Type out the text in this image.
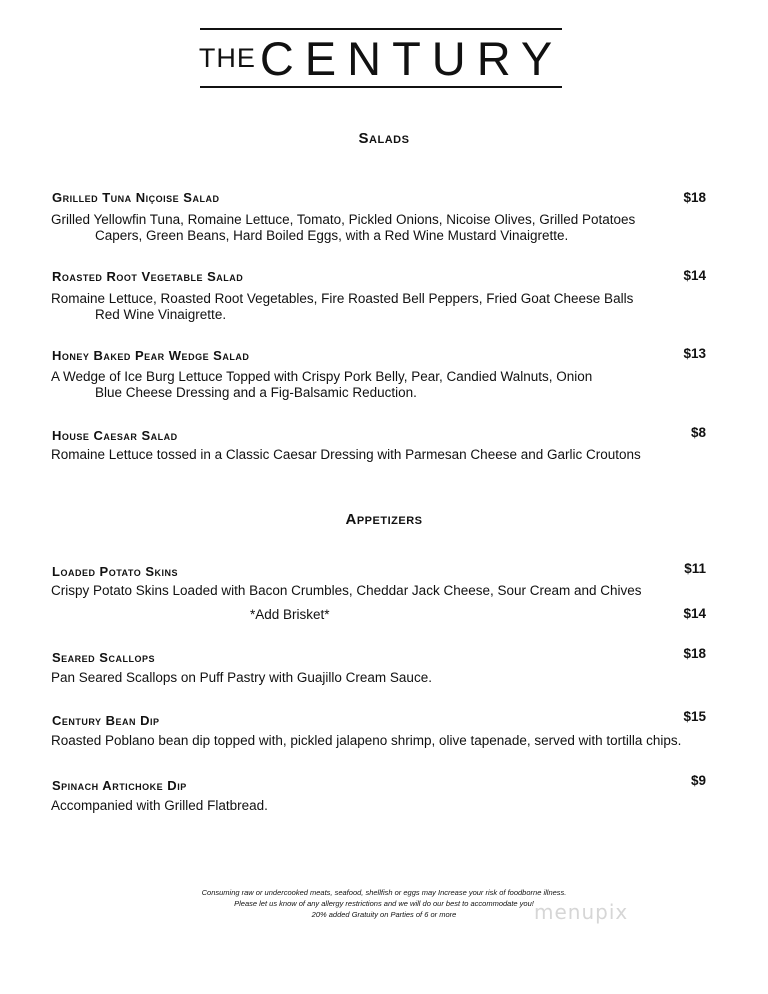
THE CENTURY
Salads
Grilled Tuna Niçoise Salad	$18
Grilled Yellowfin Tuna, Romaine Lettuce, Tomato, Pickled Onions, Nicoise Olives, Grilled Potatoes
Capers, Green Beans, Hard Boiled Eggs, with a Red Wine Mustard Vinaigrette.
Roasted Root Vegetable Salad	$14
Romaine Lettuce, Roasted Root Vegetables, Fire Roasted Bell Peppers, Fried Goat Cheese Balls
Red Wine Vinaigrette.
Honey Baked Pear Wedge Salad	$13
A Wedge of Ice Burg Lettuce Topped with Crispy Pork Belly, Pear, Candied Walnuts, Onion
Blue Cheese Dressing and a Fig-Balsamic Reduction.
House Caesar Salad	$8
Romaine Lettuce tossed in a Classic Caesar Dressing with Parmesan Cheese and Garlic Croutons
Appetizers
Loaded Potato Skins	$11
Crispy Potato Skins Loaded with Bacon Crumbles, Cheddar Jack Cheese, Sour Cream and Chives
*Add Brisket*	$14
Seared Scallops	$18
Pan Seared Scallops on Puff Pastry with Guajillo Cream Sauce.
Century Bean Dip	$15
Roasted Poblano bean dip topped with, pickled jalapeno shrimp, olive tapenade, served with tortilla chips.
Spinach Artichoke Dip	$9
Accompanied with Grilled Flatbread.
Consuming raw or undercooked meats, seafood, shellfish or eggs may Increase your risk of foodborne illness.
Please let us know of any allergy restrictions and we will do our best to accommodate you!
20% added Gratuity on Parties of 6 or more	menupix
